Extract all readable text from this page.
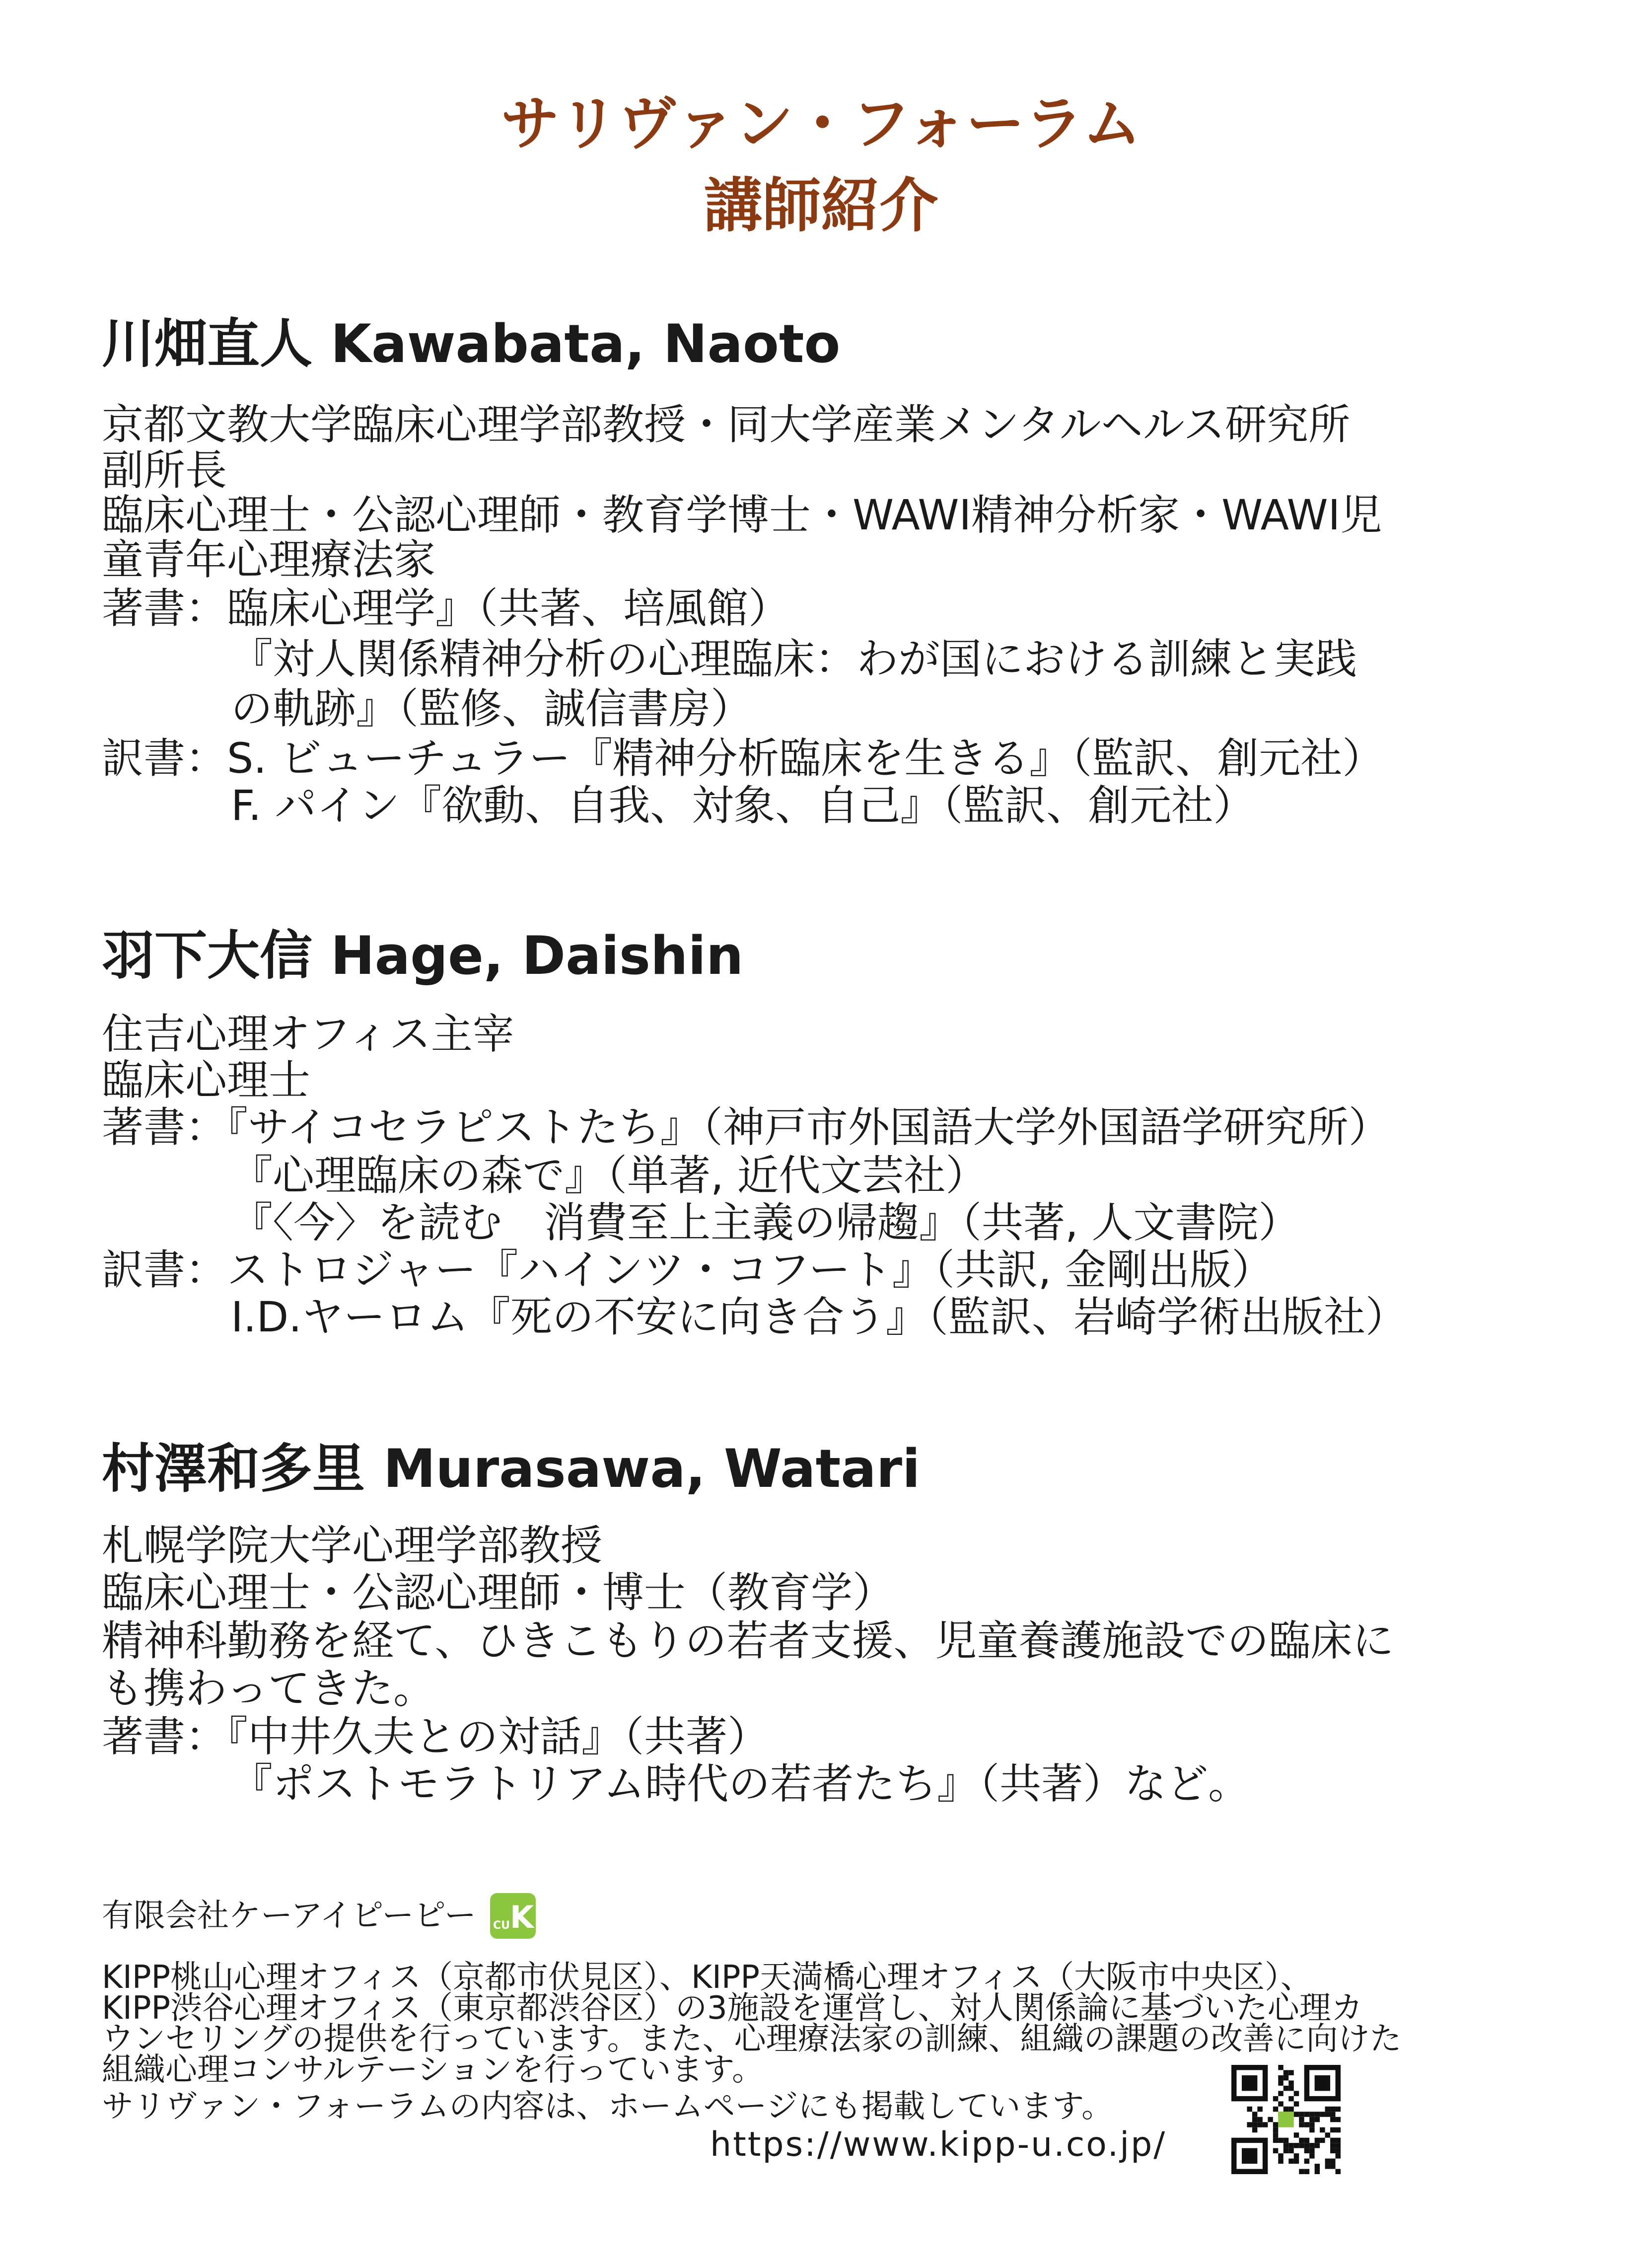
サリヴァン・フォーラム
講師紹介
川畑直人 Kawabata, Naoto

京都文教大学臨床心理学部教授・同大学産業メンタルヘルス研究所

副所長

臨床心理士・公認心理師・教育学博士・WAWI精神分析家・WAWI児

童青年心理療法家

著書：臨床心理学』（共著、培風館）

『対人関係精神分析の心理臨床：わが国における訓練と実践

の軌跡』（監修、誠信書房）

訳書：S. ビューチュラー『精神分析臨床を生きる』（監訳、創元社）

F. パイン『欲動、自我、対象、自己』（監訳、創元社）

羽下大信 Hage, Daishin

住吉心理オフィス主宰

臨床心理士

著書：『サイコセラピストたち』（神戸市外国語大学外国語学研究所）

『心理臨床の森で』（単著, 近代文芸社）

『〈今〉を読む　消費至上主義の帰趨』（共著, 人文書院）

訳書：ストロジャー『ハインツ・コフート』（共訳, 金剛出版）

I.D.ヤーロム『死の不安に向き合う』（監訳、岩崎学術出版社）

村澤和多里 Murasawa, Watari

札幌学院大学心理学部教授

臨床心理士・公認心理師・博士（教育学）

精神科勤務を経て、ひきこもりの若者支援、児童養護施設での臨床に

も携わってきた。

著書：『中井久夫との対話』（共著）

『ポストモラトリアム時代の若者たち』（共著）など。

有限会社ケーアイピーピー CU K

KIPP桃山心理オフィス（京都市伏見区）、KIPP天満橋心理オフィス（大阪市中央区）、

KIPP渋谷心理オフィス（東京都渋谷区）の3施設を運営し、対人関係論に基づいた心理カ

ウンセリングの提供を行っています。また、心理療法家の訓練、組織の課題の改善に向けた

組織心理コンサルテーションを行っています。

サリヴァン・フォーラムの内容は、ホームページにも掲載しています。

https://www.kipp-u.co.jp/
